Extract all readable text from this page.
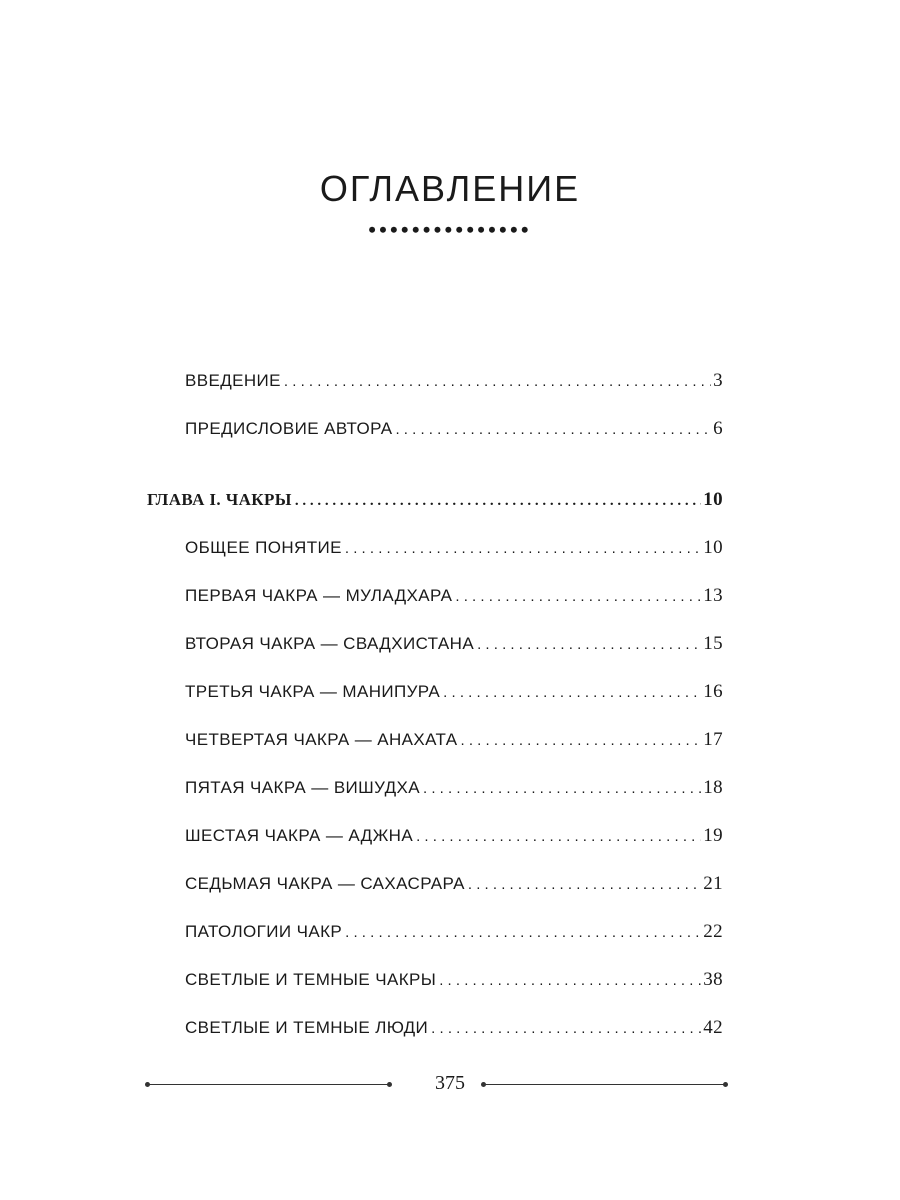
ОГЛАВЛЕНИЕ
•••••••••••••••
ВВЕДЕНИЕ . . .	3
ПРЕДИСЛОВИЕ АВТОРА . . .	6
ГЛАВА I. ЧАКРЫ . . .	10
ОБЩЕЕ ПОНЯТИЕ . . .	10
ПЕРВАЯ ЧАКРА — МУЛАДХАРА . . .	13
ВТОРАЯ ЧАКРА — СВАДХИСТАНА . . .	15
ТРЕТЬЯ ЧАКРА — МАНИПУРА . . .	16
ЧЕТВЕРТАЯ ЧАКРА — АНАХАТА . . .	17
ПЯТАЯ ЧАКРА — ВИШУДХА . . .	18
ШЕСТАЯ ЧАКРА — АДЖНА . . .	19
СЕДЬМАЯ ЧАКРА — САХАСРАРА . . .	21
ПАТОЛОГИИ ЧАКР . . .	22
СВЕТЛЫЕ И ТЕМНЫЕ ЧАКРЫ . . .	38
СВЕТЛЫЕ И ТЕМНЫЕ ЛЮДИ . . .	42
375
